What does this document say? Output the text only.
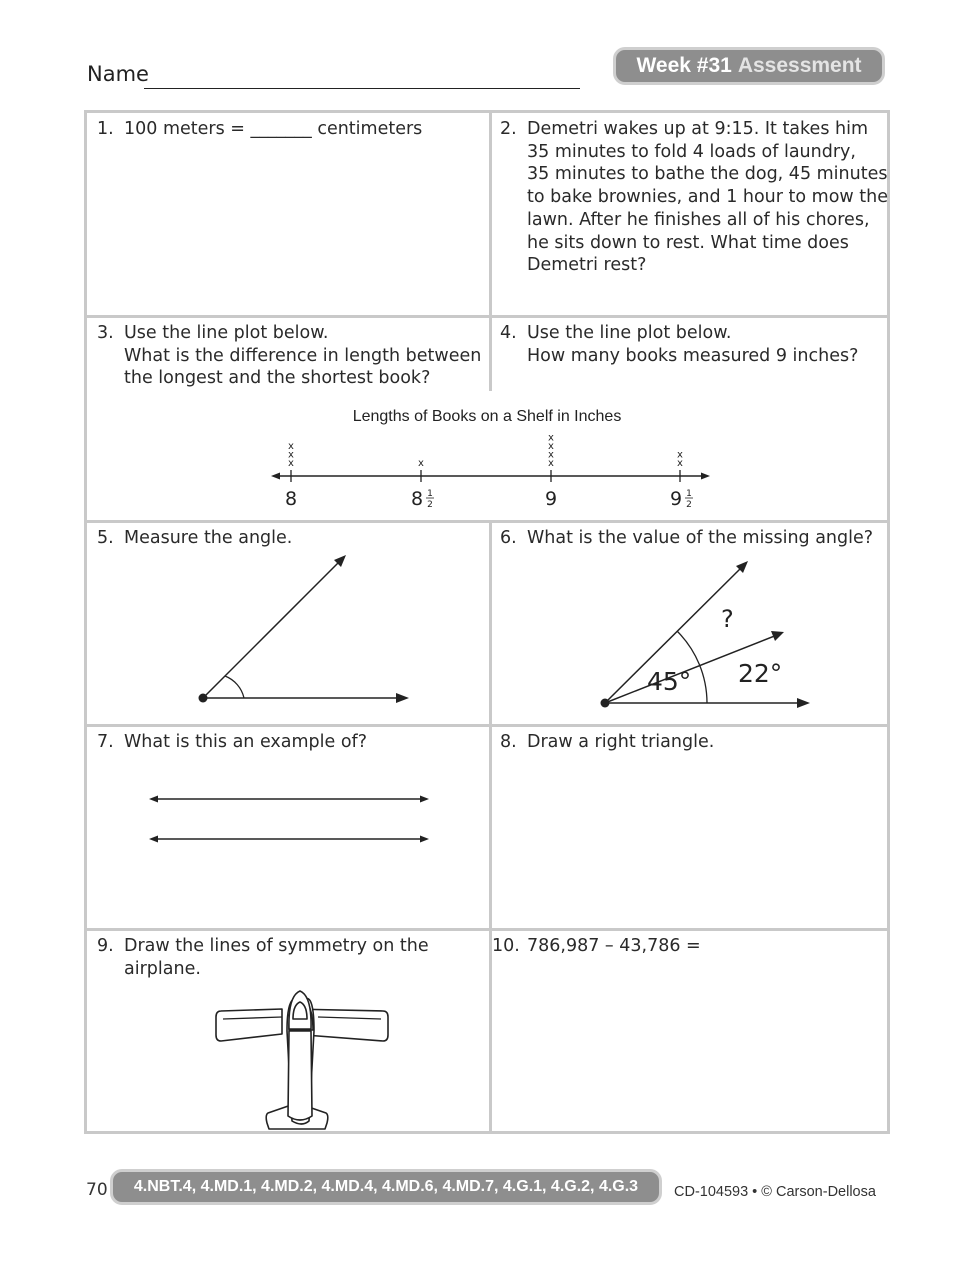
Name	Week #31 Assessment
1. 100 meters = _______ centimeters	2. Demetri wakes up at 9:15. It takes him
35 minutes to fold 4 loads of laundry,
35 minutes to bathe the dog, 45 minutes
to bake brownies, and 1 hour to mow the
lawn. After he finishes all of his chores,
he sits down to rest. What time does
Demetri rest?
3. Use the line plot below.
What is the difference in length between
the longest and the shortest book?
4. Use the line plot below.
How many books measured 9 inches?
Lengths of Books on a Shelf in Inches
8
x
x
x
8 1
2
x
9
x
x
x
x
9 1
2
x
x
5. Measure the angle.	6. What is the value of the missing angle?
?
45° 22°
7. What is this an example of?	8. Draw a right triangle.
9. Draw the lines of symmetry on the
airplane.
10. 786,987 – 43,786 =
70	4.NBT.4, 4.MD.1, 4.MD.2, 4.MD.4, 4.MD.6, 4.MD.7, 4.G.1, 4.G.2, 4.G.3	CD-104593 • © Carson-Dellosa
